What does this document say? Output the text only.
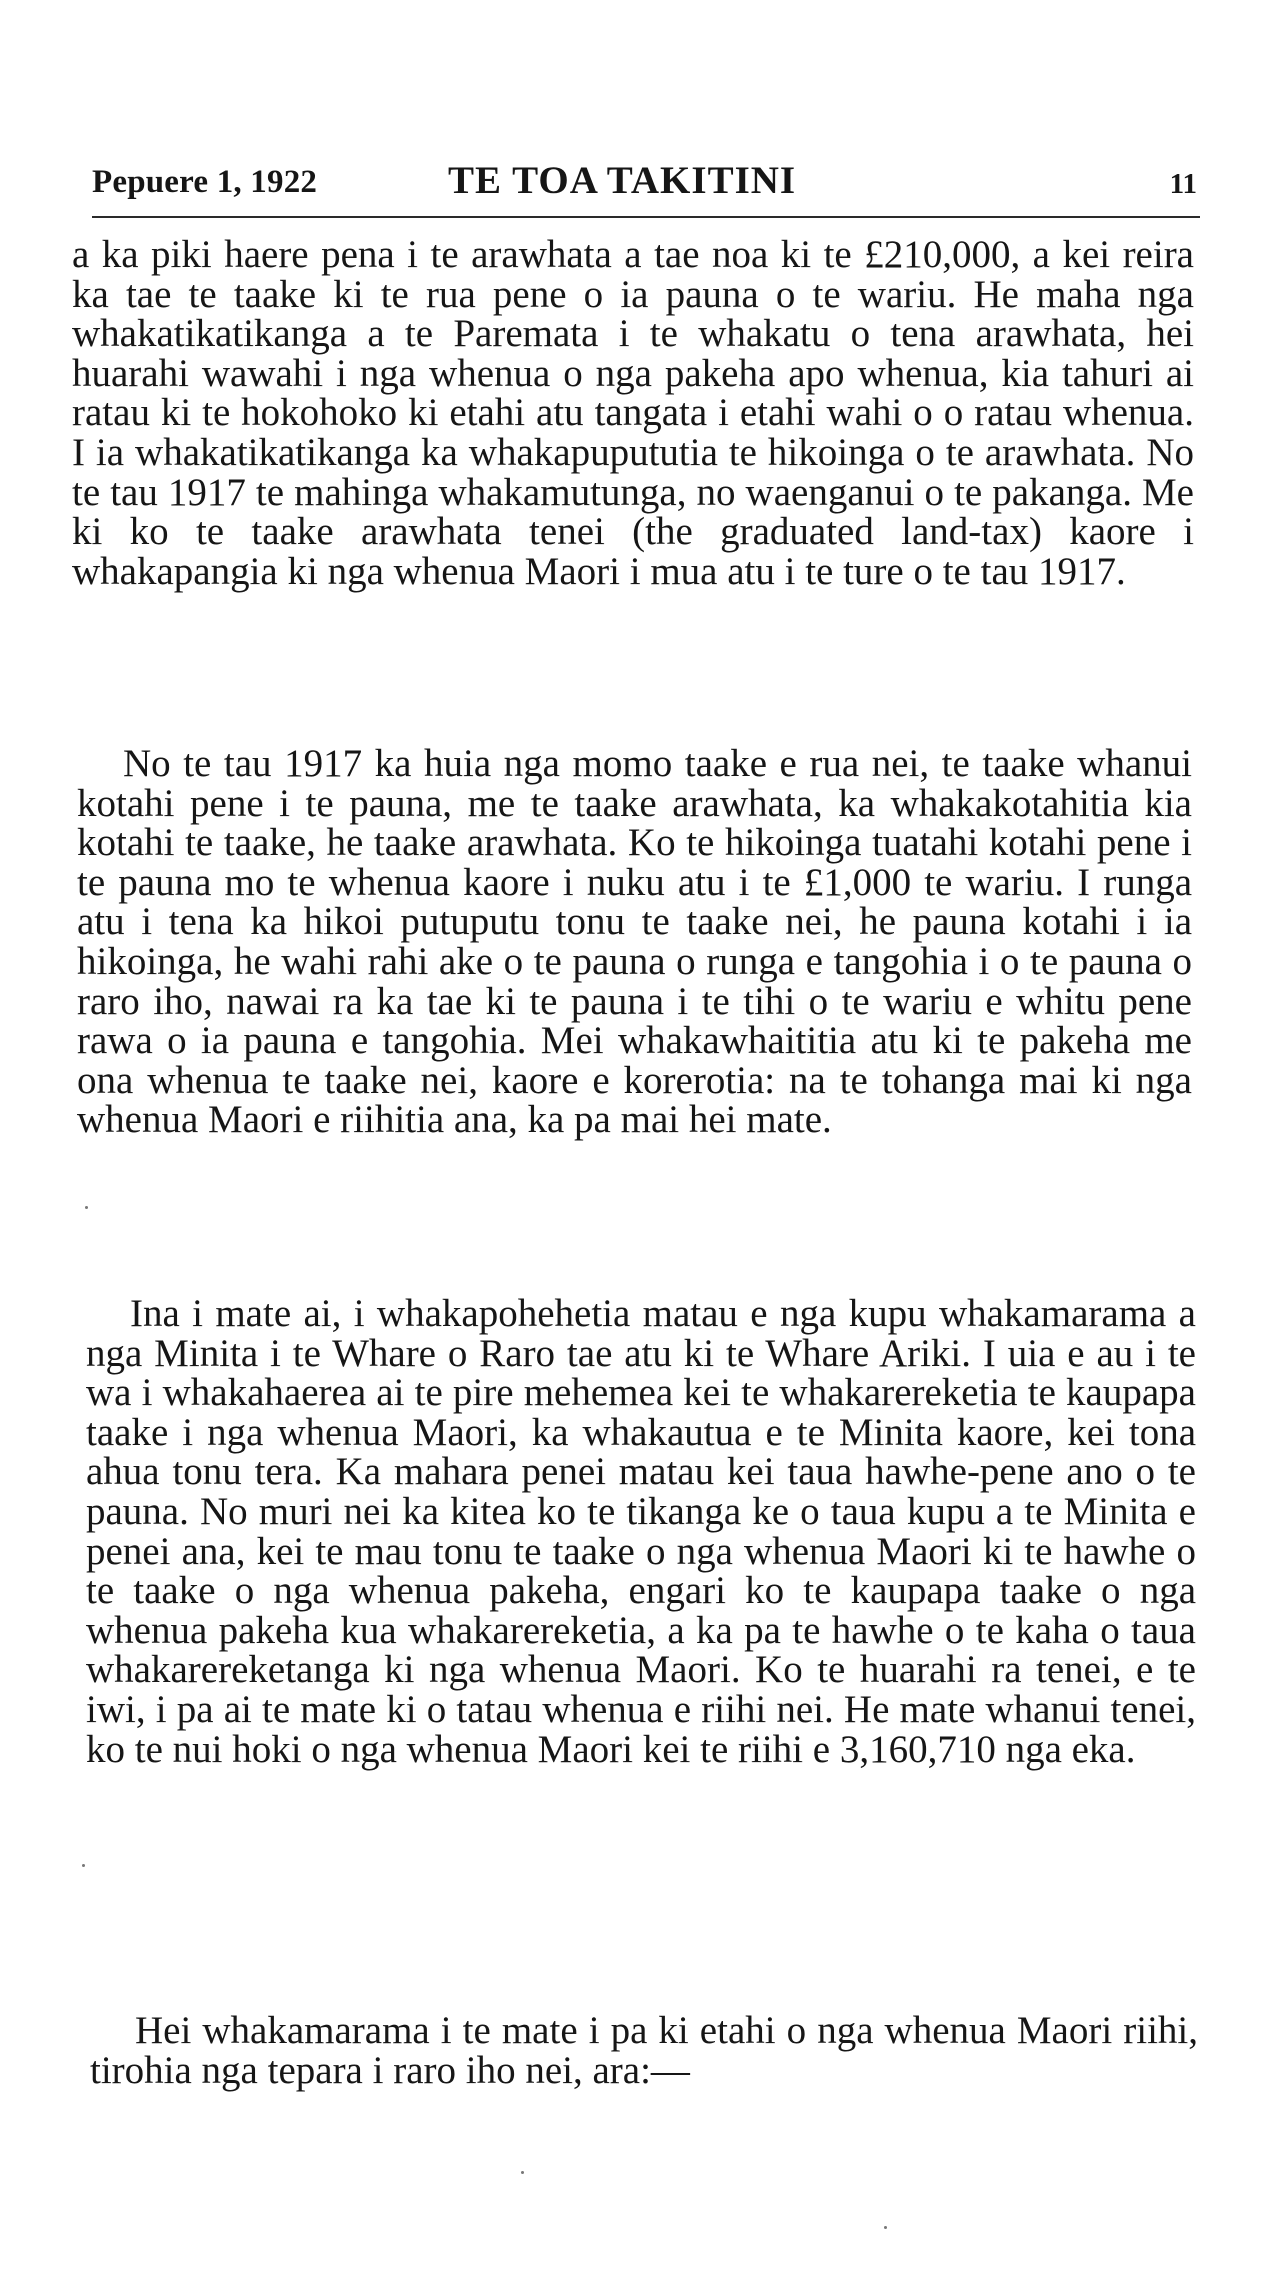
Pepuere 1, 1922	TE TOA TAKITINI	11

a ka piki haere pena i te arawhata a tae noa ki te £210,000, a kei reira ka tae te taake ki te rua pene o ia pauna o te wariu. He maha nga whakatikatikanga a te Paremata i te whakatu o tena arawhata, hei huarahi wawahi i nga whenua o nga pakeha apo whenua, kia tahuri ai ratau ki te hokohoko ki etahi atu tangata i etahi wahi o o ratau whenua. I ia whakatikatikanga ka whakapupututia te hikoinga o te arawhata. No te tau 1917 te mahinga whakamutunga, no waenganui o te pakanga. Me ki ko te taake arawhata tenei (the graduated land-tax) kaore i whakapangia ki nga whenua Maori i mua atu i te ture o te tau 1917.

No te tau 1917 ka huia nga momo taake e rua nei, te taake whanui kotahi pene i te pauna, me te taake arawhata, ka whakakotahitia kia kotahi te taake, he taake arawhata. Ko te hikoinga tuatahi kotahi pene i te pauna mo te whenua kaore i nuku atu i te £1,000 te wariu. I runga atu i tena ka hikoi putuputu tonu te taake nei, he pauna kotahi i ia hikoinga, he wahi rahi ake o te pauna o runga e tangohia i o te pauna o raro iho, nawai ra ka tae ki te pauna i te tihi o te wariu e whitu pene rawa o ia pauna e tangohia. Mei whakawhaititia atu ki te pakeha me ona whenua te taake nei, kaore e korerotia: na te tohanga mai ki nga whenua Maori e riihitia ana, ka pa mai hei mate.

Ina i mate ai, i whakapohehetia matau e nga kupu whakamarama a nga Minita i te Whare o Raro tae atu ki te Whare Ariki. I uia e au i te wa i whakahaerea ai te pire mehemea kei te whakarereketia te kaupapa taake i nga whenua Maori, ka whakautua e te Minita kaore, kei tona ahua tonu tera. Ka mahara penei matau kei taua hawhe-pene ano o te pauna. No muri nei ka kitea ko te tikanga ke o taua kupu a te Minita e penei ana, kei te mau tonu te taake o nga whenua Maori ki te hawhe o te taake o nga whenua pakeha, engari ko te kaupapa taake o nga whenua pakeha kua whakarereketia, a ka pa te hawhe o te kaha o taua whakarereketanga ki nga whenua Maori. Ko te huarahi ra tenei, e te iwi, i pa ai te mate ki o tatau whenua e riihi nei. He mate whanui tenei, ko te nui hoki o nga whenua Maori kei te riihi e 3,160,710 nga eka.

Hei whakamarama i te mate i pa ki etahi o nga whenua Maori riihi, tirohia nga tepara i raro iho nei, ara:—
